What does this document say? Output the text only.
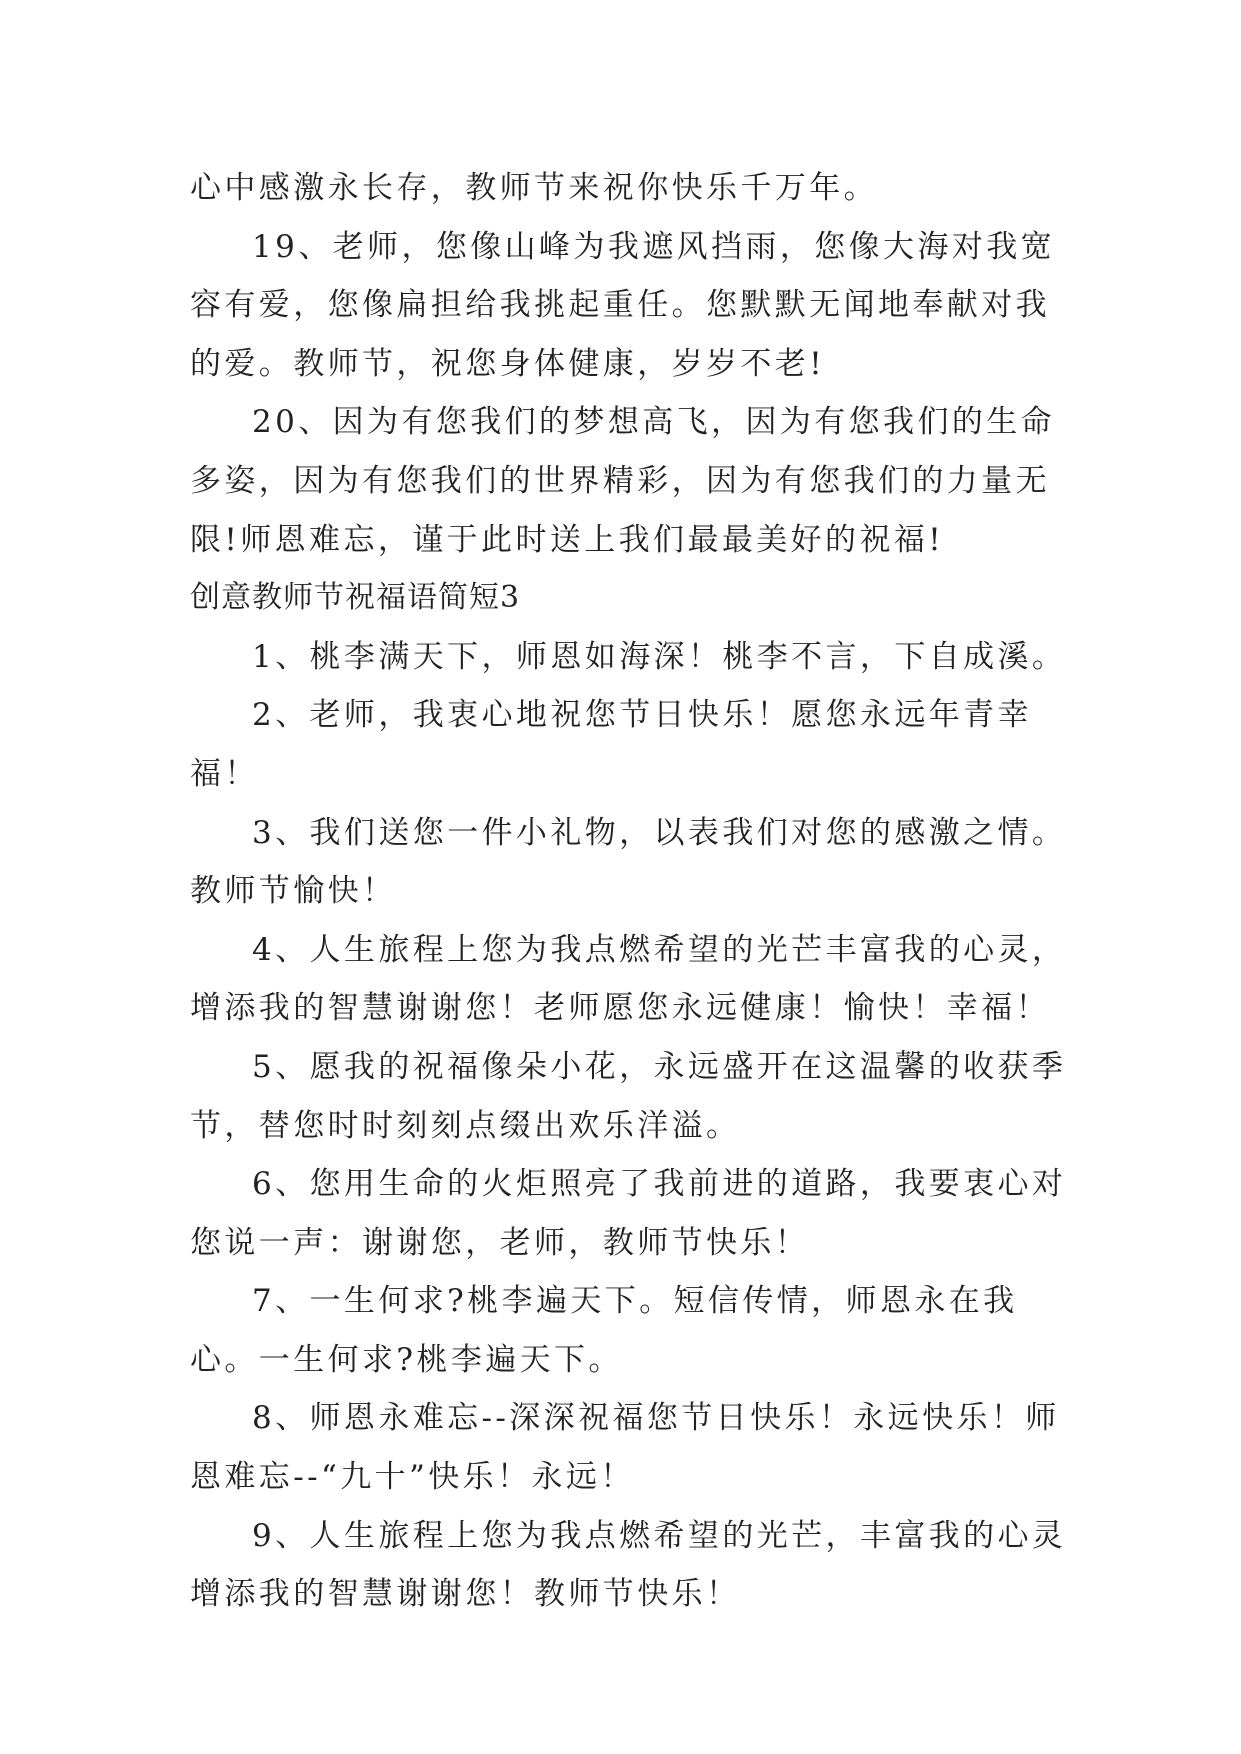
心中感激永长存，教师节来祝你快乐千万年。

19、老师，您像山峰为我遮风挡雨，您像大海对我宽容有爱，您像扁担给我挑起重任。您默默无闻地奉献对我的爱。教师节，祝您身体健康，岁岁不老!

20、因为有您我们的梦想高飞，因为有您我们的生命多姿，因为有您我们的世界精彩，因为有您我们的力量无限!师恩难忘，谨于此时送上我们最最美好的祝福!

创意教师节祝福语简短3

1、桃李满天下，师恩如海深！桃李不言，下自成溪。

2、老师，我衷心地祝您节日快乐！愿您永远年青幸福！

3、我们送您一件小礼物，以表我们对您的感激之情。教师节愉快！

4、人生旅程上您为我点燃希望的光芒丰富我的心灵，增添我的智慧谢谢您！老师愿您永远健康！愉快！幸福！

5、愿我的祝福像朵小花，永远盛开在这温馨的收获季节，替您时时刻刻点缀出欢乐洋溢。

6、您用生命的火炬照亮了我前进的道路，我要衷心对您说一声：谢谢您，老师，教师节快乐！

7、一生何求?桃李遍天下。短信传情，师恩永在我心。一生何求?桃李遍天下。

8、师恩永难忘--深深祝福您节日快乐！永远快乐！师恩难忘--“九十”快乐！永远！

9、人生旅程上您为我点燃希望的光芒，丰富我的心灵增添我的智慧谢谢您！教师节快乐！
